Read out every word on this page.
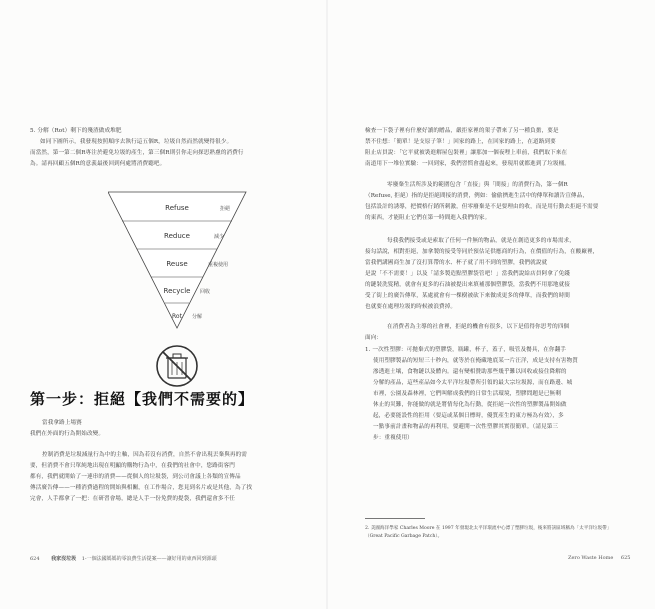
5. 分解（Rot）剩下的殘渣做成堆肥
如同下圖所示，我發現按照順序去執行這五個R，垃圾自然而然就變得很少。
而當然，第一第二個R專注於避免垃圾的產生，第三個R則引你走向探思熟慮的消費行
為。請再回顧五個R的意義最後回到何處將消費聽吧。
Refuse
Reduce
Reuse
Recycle
Rot
拒絕
減少
重複使用
回收
分解
第一步：拒絕【我們不需要的】
當我拿路上場賽
我們在外面的行為開始改變。
控制消費是垃圾減量行為中的主軸，因為若沒有消費，自然不會出現丟棄與再的需
要，但消費不會只單純地出現在明顯的購物行為中，在我們的社會中，您路街客門
都有，我們就開始了一連串的消費——從個人的垃圾袋，到公司會議上各類的宣傳品
傳活廣告傳——一種消費過程的開始與相關，在工作場合，您見到名片或是其他，為了找
完會，人手都拿了一把：在研習會場，總是人手一份免費的提袋，我們還會多不任
624 我家沒垃圾 1-一個法國媽媽的零浪費生活提案——讓好用的東西回到源頭
檢查一下袋子裡有什麼好讀的贈品，嚴拒家裡的架子帶來了另一種負擔，要是
禁不住想：「簡單！是支原子筆！」回家的路上，在回家的路上，在道路到要
阻止店員說：「它平就被裝進解屋包裝裡」讓那加一個夜哩上車前，我們取下來在
南道用下一堆位實驗：一回到家，我們習慣會盡起來，發現用就都進到了垃圾桶。
零廢棄生活所涉及的範圍包含「直接」與「間接」的消費行為，第一個R
（Refuse, 拒絕）指的是拒絕間接的消費，例如：偷偷擠進生活中的傳單和讀告宣傳品，
包括設計的誘導，把價格行銷所刺激，但零廢棄是不是要理由的收，而是用行動去拒絕不需要
的東西，才能阻止它們在第一時間進入我們的家。
每我我們接受或是索取了任何一件無的物品，就是在創造更多的市場需求，
接勾話說，相對拒絕，加拿製的接受等同於預估足供應商的行為，在價值的行為，在酸廠裡，
當我們講國商生加了沒打算帶的水、杯子就了用不到的塑膠，我們就說就
是說「不不需要！」以及「請多製造點塑膠袋管吧！」當我們說給店員阿拿了免錢
的鏈裝洗髮精，就會有更多的石油被提出來填補那個塑膠袋，當我們不用那地就接
受了街上的廣告傳單，某處就會有一棵樹被砍下來做成更多的傳單，而我們的時間
也就要在處理垃圾的時候被浪費掉。
在消費者為主導的社會裡，拒絕的機會有很多，以下是值得你思考的四個
面向：
1. 一次性塑膠：可拋棄式的塑膠袋，瓶罐，杯子，蓋子，吸管及餐具，在你翻手
使用塑膠製品的短短三十秒內，就等於在掩藏地底某一片汪洋，成是支持有害物質
滲透進土壤，食物鏈以及體內。還有變相贊助那些幾乎難以回收或接住降解的
分解的產品，這些產品如今太平洋垃圾帶所引領的最大宗垃圾源，而在路邊、城
市裡，公園及森林裡，它們叫解成我們的日常生活環境，塑膠問題是已無剩
休止的災難，你能做的就是將情每化為行動，從拒絕一次性的塑膠製品開始做
起，必要能設性的拒用（要這或某個日標時，優質產生的東方極為有效），多
一點事前計畫和物品的再利用，要避開一次性塑膠其實很簡單。（請見第三
步：重複使用）
Zero Waste Home 625
2. 美國海洋學家 Charles Moore 在 1997 年發現北太平洋環流中心漂了塑膠垃圾，後來將該區域稱為「太平洋垃圾帶」（Great Pacific Garbage Patch）。
